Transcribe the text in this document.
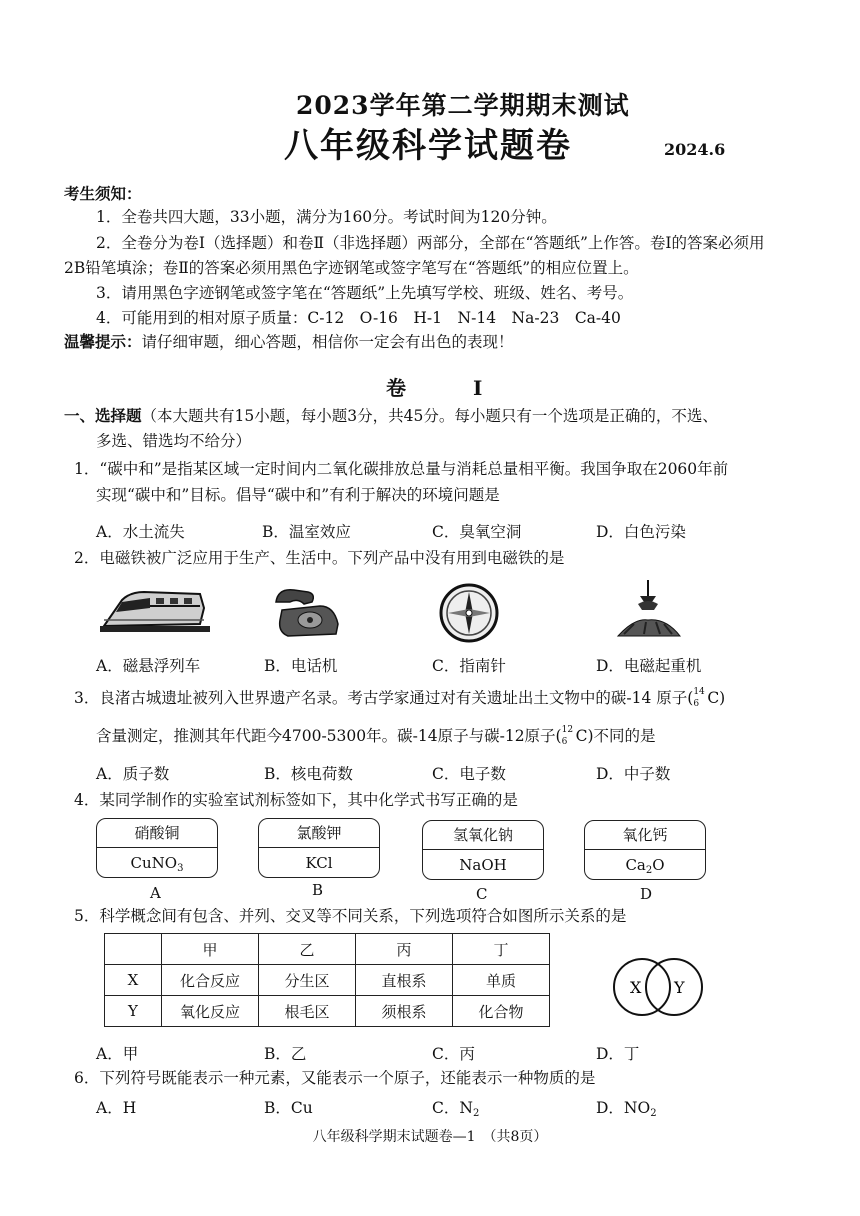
2023学年第二学期期末测试
八年级科学试题卷	2024.6
考生须知：
1．全卷共四大题，33小题，满分为160分。考试时间为120分钟。
2．全卷分为卷Ⅰ（选择题）和卷Ⅱ（非选择题）两部分，全部在“答题纸”上作答。卷Ⅰ的答案必须用
2B铅笔填涂；卷Ⅱ的答案必须用黑色字迹钢笔或签字笔写在“答题纸”的相应位置上。
3．请用黑色字迹钢笔或签字笔在“答题纸”上先填写学校、班级、姓名、考号。
4．可能用到的相对原子质量：C-12　O-16　H-1　N-14　Na-23　Ca-40
温馨提示：请仔细审题，细心答题，相信你一定会有出色的表现！
卷 Ⅰ
一、选择题（本大题共有15小题，每小题3分，共45分。每小题只有一个选项是正确的，不选、
多选、错选均不给分）
1．“碳中和”是指某区域一定时间内二氧化碳排放总量与消耗总量相平衡。我国争取在2060年前
实现“碳中和”目标。倡导“碳中和”有利于解决的环境问题是
A．水土流失	B．温室效应	C．臭氧空洞	D．白色污染
2．电磁铁被广泛应用于生产、生活中。下列产品中没有用到电磁铁的是
A．磁悬浮列车	B．电话机	C．指南针	D．电磁起重机
3．良渚古城遗址被列入世界遗产名录。考古学家通过对有关遗址出土文物中的碳-14 原子( 14
6 C)
含量测定，推测其年代距今4700-5300年。碳-14原子与碳-12原子( 12
6 C)不同的是
A．质子数	B．核电荷数	C．电子数	D．中子数
4．某同学制作的实验室试剂标签如下，其中化学式书写正确的是
硝酸铜
CuNO$_3$
氯酸钾
KCl
氢氧化钠
NaOH
氧化钙
$Ca_2O$
A	B	C	D
5．科学概念间有包含、并列、交叉等不同关系，下列选项符合如图所示关系的是
	甲	乙	丙	丁
X	化合反应	分生区	直根系	单质
Y	氧化反应	根毛区	须根系	化合物
X Y
A．甲	B．乙	C．丙	D．丁
6．下列符号既能表示一种元素，又能表示一个原子，还能表示一种物质的是
A．H	B．Cu	C．$N_2$	D．$NO_2$
八年级科学期末试题卷—1　（共8页）
